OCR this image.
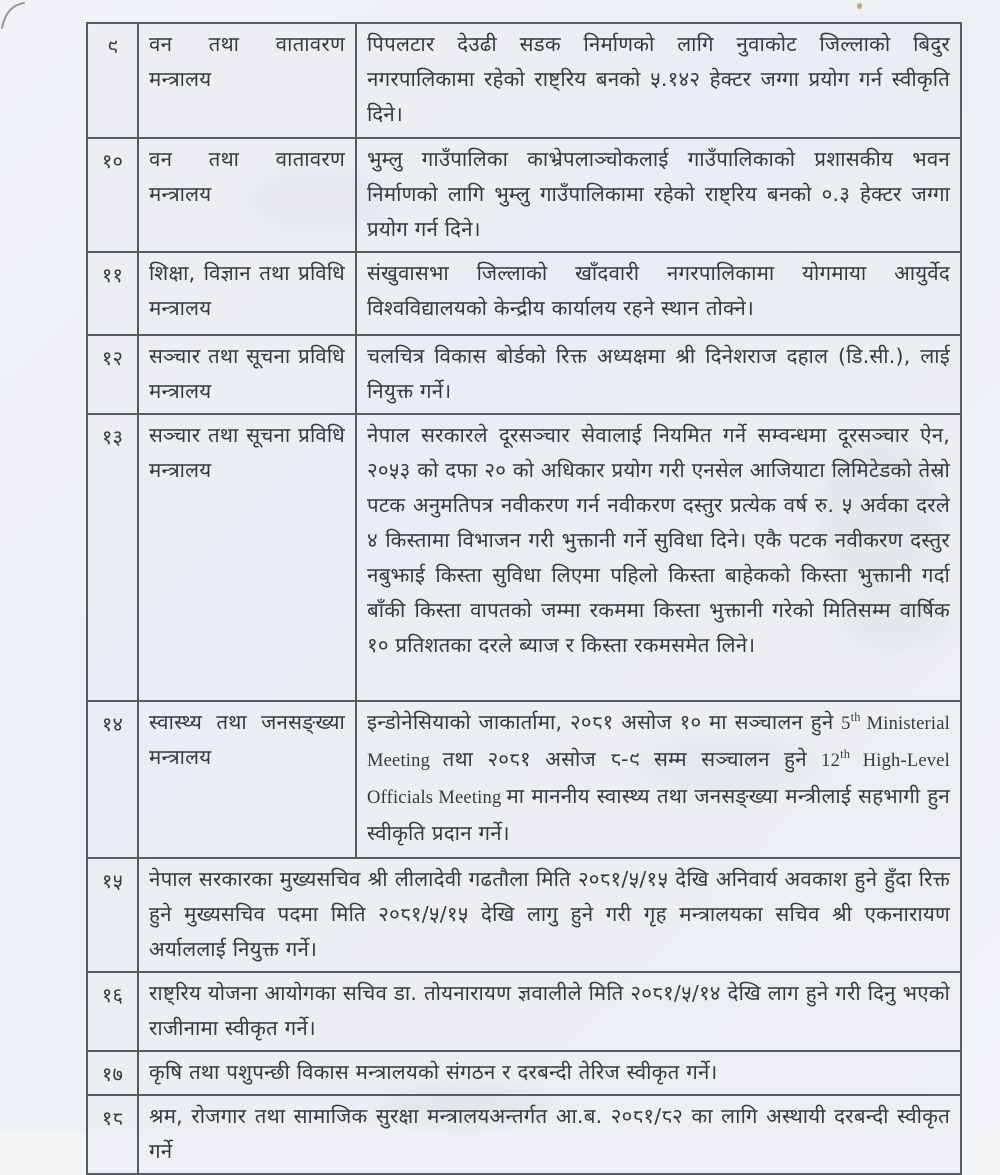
९	वन तथा वातावरण मन्त्रालय	पिपलटार देउढी सडक निर्माणको लागि नुवाकोट जिल्लाको बिदुर नगरपालिकामा रहेको राष्ट्रिय बनको ५.१४२ हेक्टर जग्गा प्रयोग गर्न स्वीकृति दिने।
१०	वन तथा वातावरण मन्त्रालय	भुम्लु गाउँपालिका काभ्रेपलाञ्चोकलाई गाउँपालिकाको प्रशासकीय भवन निर्माणको लागि भुम्लु गाउँपालिकामा रहेको राष्ट्रिय बनको ०.३ हेक्टर जग्गा प्रयोग गर्न दिने।
११	शिक्षा, विज्ञान तथा प्रविधि मन्त्रालय	संखुवासभा जिल्लाको खाँदवारी नगरपालिकामा योगमाया आयुर्वेद विश्वविद्यालयको केन्द्रीय कार्यालय रहने स्थान तोक्ने।
१२	सञ्चार तथा सूचना प्रविधि मन्त्रालय	चलचित्र विकास बोर्डको रिक्त अध्यक्षमा श्री दिनेशराज दहाल (डि.सी.), लाई नियुक्त गर्ने।
१३	सञ्चार तथा सूचना प्रविधि मन्त्रालय	नेपाल सरकारले दूरसञ्चार सेवालाई नियमित गर्ने सम्वन्धमा दूरसञ्चार ऐन, २०५३ को दफा २० को अधिकार प्रयोग गरी एनसेल आजियाटा लिमिटेडको तेस्रो पटक अनुमतिपत्र नवीकरण गर्न नवीकरण दस्तुर प्रत्येक वर्ष रु. ५ अर्वका दरले ४ किस्तामा विभाजन गरी भुक्तानी गर्ने सुविधा दिने। एकै पटक नवीकरण दस्तुर नबुझाई किस्ता सुविधा लिएमा पहिलो किस्ता बाहेकको किस्ता भुक्तानी गर्दा बाँकी किस्ता वापतको जम्मा रकममा किस्ता भुक्तानी गरेको मितिसम्म वार्षिक १० प्रतिशतका दरले ब्याज र किस्ता रकमसमेत लिने।
१४	स्वास्थ्य तथा जनसङ्ख्या मन्त्रालय	इन्डोनेसियाको जाकार्तामा, २०८१ असोज १० मा सञ्चालन हुने 5th Ministerial Meeting तथा २०८१ असोज ८-९ सम्म सञ्चालन हुने 12th High-Level Officials Meeting मा माननीय स्वास्थ्य तथा जनसङ्ख्या मन्त्रीलाई सहभागी हुन स्वीकृति प्रदान गर्ने।
१५	नेपाल सरकारका मुख्यसचिव श्री लीलादेवी गढतौला मिति २०८१/५/१५ देखि अनिवार्य अवकाश हुने हुँदा रिक्त हुने मुख्यसचिव पदमा मिति २०८१/५/१५ देखि लागु हुने गरी गृह मन्त्रालयका सचिव श्री एकनारायण अर्याललाई नियुक्त गर्ने।	
१६	राष्ट्रिय योजना आयोगका सचिव डा. तोयनारायण ज्ञवालीले मिति २०८१/५/१४ देखि लाग हुने गरी दिनु भएको राजीनामा स्वीकृत गर्ने।	
१७	कृषि तथा पशुपन्छी विकास मन्त्रालयको संगठन र दरबन्दी तेरिज स्वीकृत गर्ने।	
१८	श्रम, रोजगार तथा सामाजिक सुरक्षा मन्त्रालयअन्तर्गत आ.ब. २०८१/८२ का लागि अस्थायी दरबन्दी स्वीकृत गर्ने	
